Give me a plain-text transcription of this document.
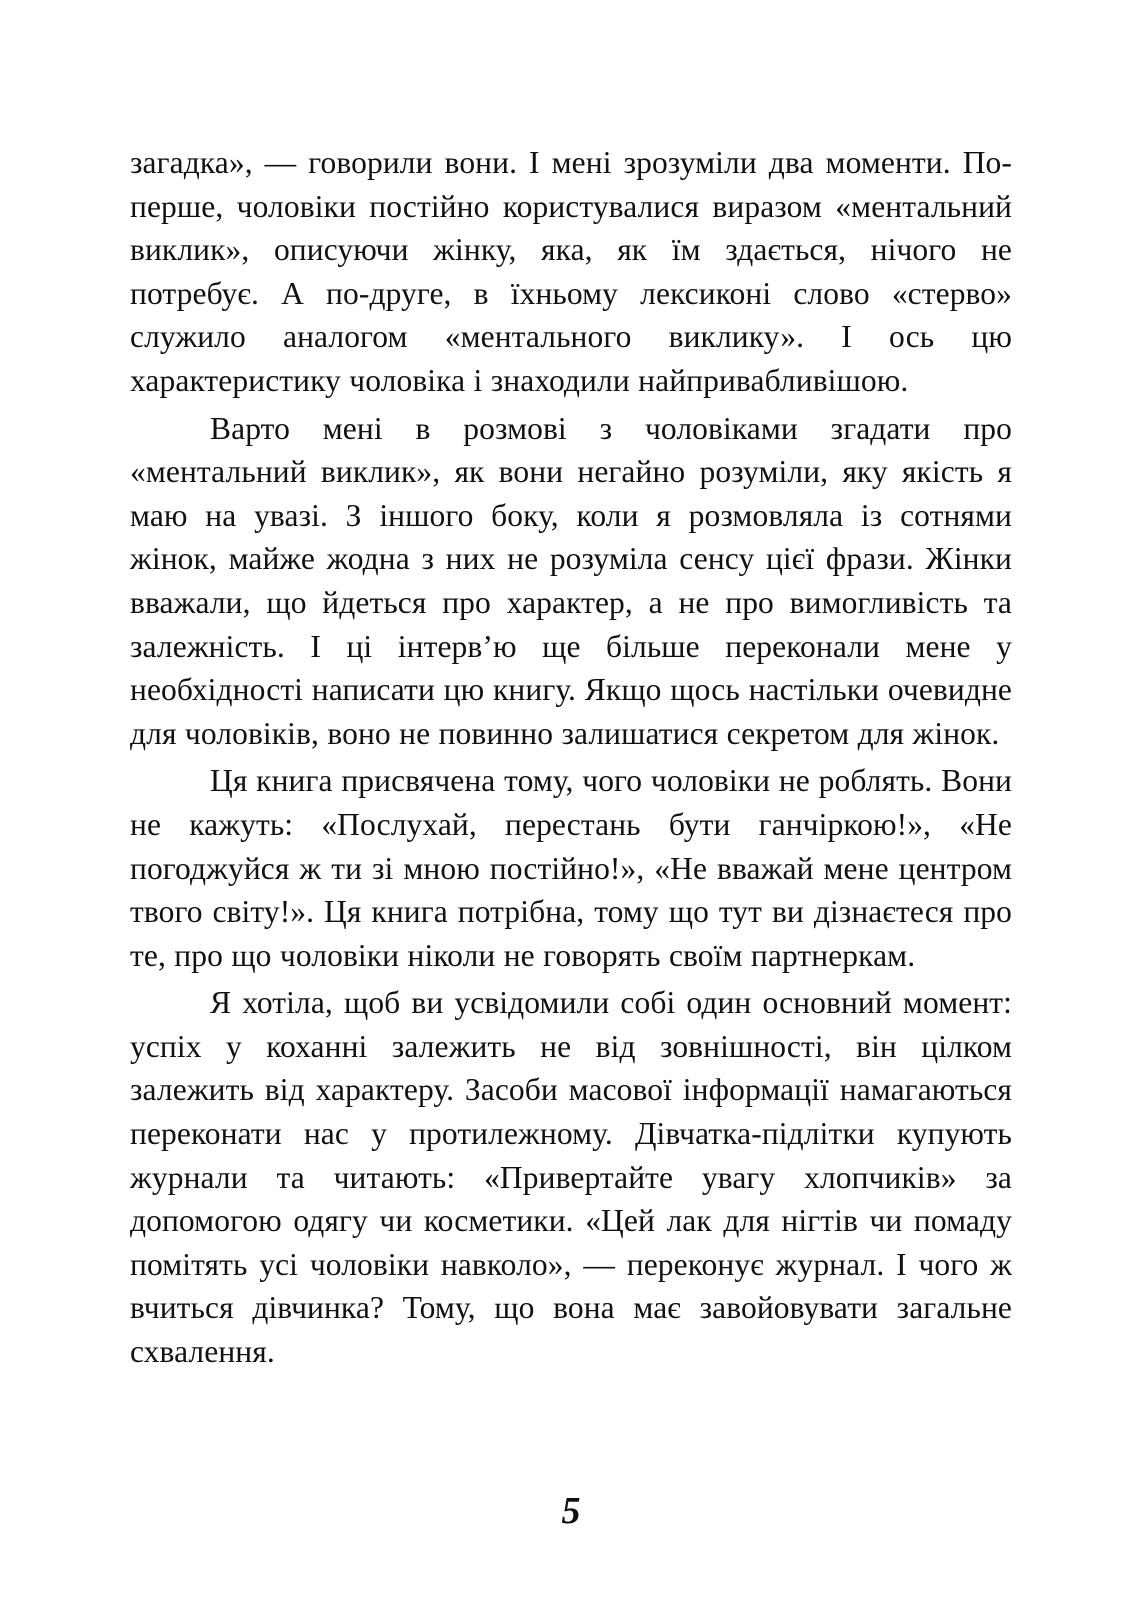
загадка», — говорили вони. І мені зрозуміли два моменти. По-перше, чоловіки постійно користувалися виразом «ментальний виклик», описуючи жінку, яка, як їм здається, нічого не потребує. А по-друге, в їхньому лексиконі слово «стерво» служило аналогом «ментального виклику». І ось цю характеристику чоловіка і знаходили найпривабливішою.

Варто мені в розмові з чоловіками згадати про «ментальний виклик», як вони негайно розуміли, яку якість я маю на увазі. З іншого боку, коли я розмовляла із сотнями жінок, майже жодна з них не розуміла сенсу цієї фрази. Жінки вважали, що йдеться про характер, а не про вимогливість та залежність. І ці інтерв’ю ще більше переконали мене у необхідності написати цю книгу. Якщо щось настільки очевидне для чоловіків, воно не повинно залишатися секретом для жінок.

Ця книга присвячена тому, чого чоловіки не роблять. Вони не кажуть: «Послухай, перестань бути ганчіркою!», «Не погоджуйся ж ти зі мною постійно!», «Не вважай мене центром твого світу!». Ця книга потрібна, тому що тут ви дізнаєтеся про те, про що чоловіки ніколи не говорять своїм партнеркам.

Я хотіла, щоб ви усвідомили собі один основний момент: успіх у коханні залежить не від зовнішності, він цілком залежить від характеру. Засоби масової інформації намагаються переконати нас у протилежному. Дівчатка-підлітки купують журнали та читають: «Привертайте увагу хлопчиків» за допомогою одягу чи косметики. «Цей лак для нігтів чи помаду помітять усі чоловіки навколо», — переконує журнал. І чого ж вчиться дівчинка? Тому, що вона має завойовувати загальне схвалення.

5
